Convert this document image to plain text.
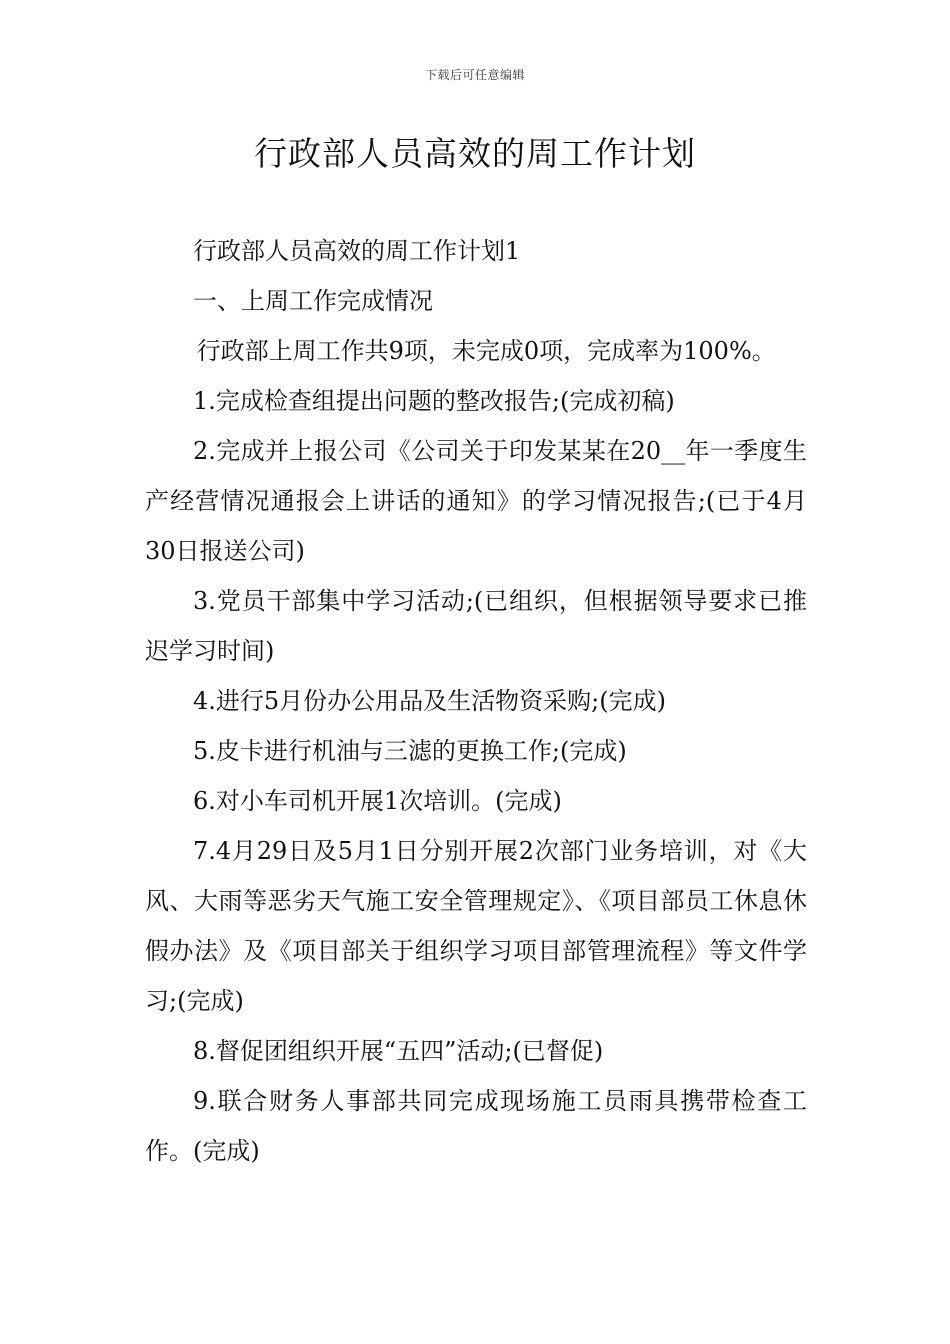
下载后可任意编辑
行政部人员高效的周工作计划

行政部人员高效的周工作计划1

一、上周工作完成情况

行政部上周工作共9项，未完成0项，完成率为100%。

1.完成检查组提出问题的整改报告;(完成初稿)

2.完成并上报公司《公司关于印发某某在20__年一季度生产经营情况通报会上讲话的通知》的学习情况报告;(已于4月30日报送公司)

3.党员干部集中学习活动;(已组织，但根据领导要求已推迟学习时间)

4.进行5月份办公用品及生活物资采购;(完成)

5.皮卡进行机油与三滤的更换工作;(完成)

6.对小车司机开展1次培训。(完成)

7.4月29日及5月1日分别开展2次部门业务培训，对《大风、大雨等恶劣天气施工安全管理规定》、《项目部员工休息休假办法》及《项目部关于组织学习项目部管理流程》等文件学习;(完成)

8.督促团组织开展“五四”活动;(已督促)

9.联合财务人事部共同完成现场施工员雨具携带检查工作。(完成)
